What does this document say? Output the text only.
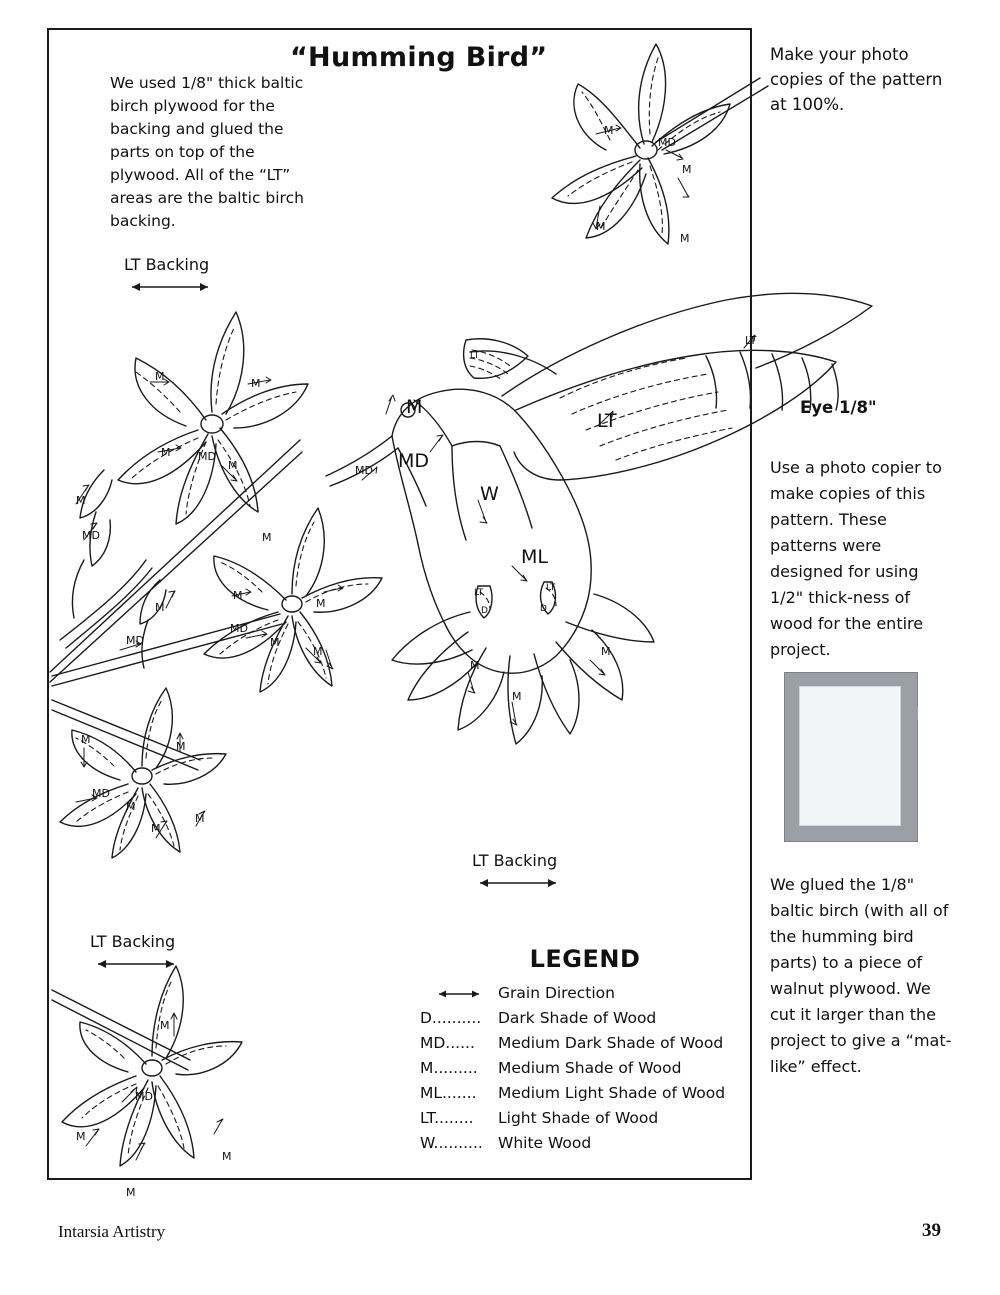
“Humming Bird”
We used 1/8" thick baltic birch plywood for the backing and glued the parts on top of the plywood. All of the “LT” areas are the baltic birch backing.
Make your photo copies of the pattern at 100%.
Eye 1/8"
Use a photo copier to make copies of this pattern. These patterns were designed for using 1/2" thick-ness of wood for the entire project.
We glued the 1/8" baltic birch (with all of the humming bird parts) to a piece of walnut plywood. We cut it larger than the project to give a “mat-like” effect.
M
MD
M
M
M
M
M
M	MD
M
M
MD	M
M
M
M
MD
MD
M
M
M
M
MD
M
M
M
M
MD
M
M
M
LT
LT
LT
M
MD
MD
W
ML
LT
D
LT
D
M
M
M
LT Backing
LT Backing
LT Backing
LEGEND
Grain Direction
D..........	Dark Shade of Wood
MD......	Medium Dark Shade of Wood
M.........	Medium Shade of Wood
ML.......	Medium Light Shade of Wood
LT........	Light Shade of Wood
W.......... White Wood
Intarsia Artistry	39
